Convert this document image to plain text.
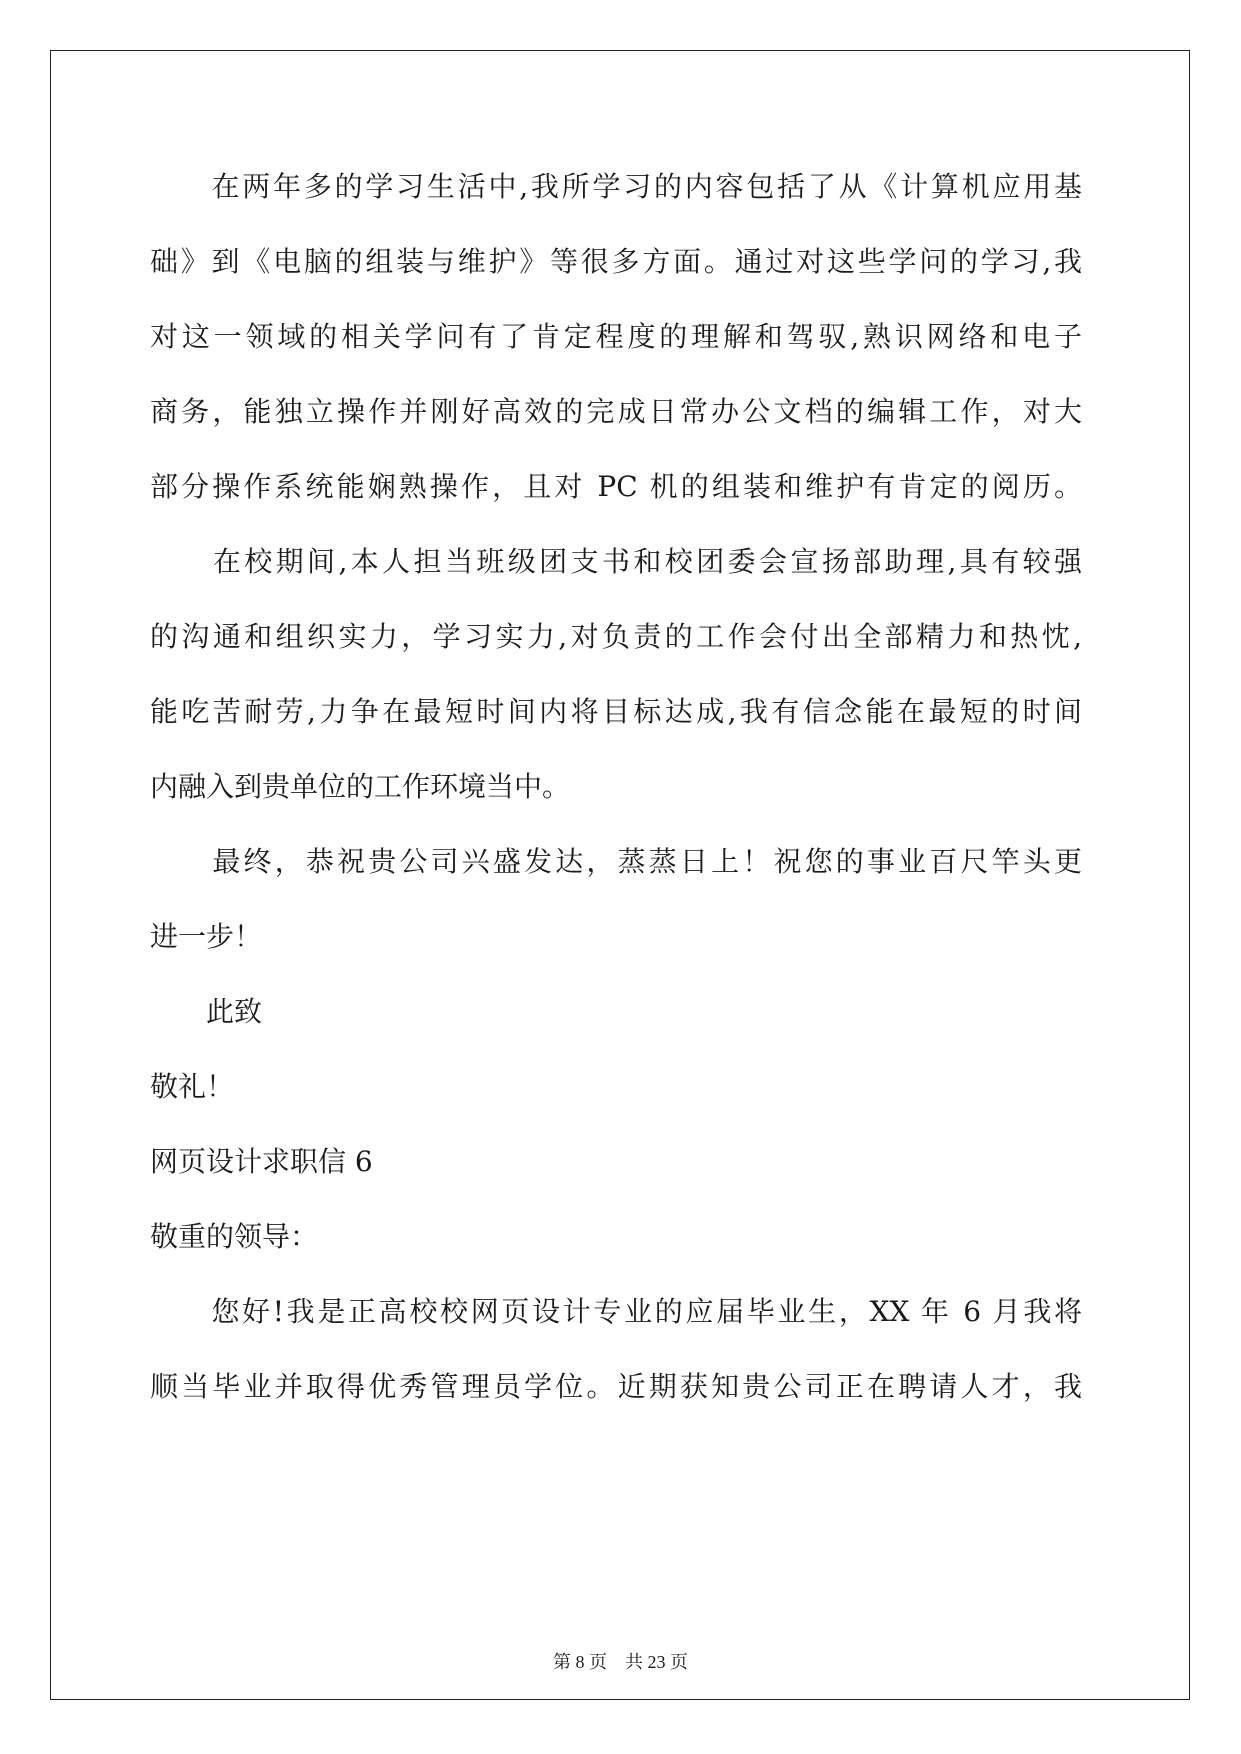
　　在两年多的学习生活中,我所学习的内容包括了从《计算机应用基
础》到《电脑的组装与维护》等很多方面。通过对这些学问的学习,我
对这一领域的相关学问有了肯定程度的理解和驾驭,熟识网络和电子
商务，能独立操作并刚好高效的完成日常办公文档的编辑工作，对大
部分操作系统能娴熟操作，且对 PC 机的组装和维护有肯定的阅历。
　　在校期间,本人担当班级团支书和校团委会宣扬部助理,具有较强
的沟通和组织实力，学习实力,对负责的工作会付出全部精力和热忱,
能吃苦耐劳,力争在最短时间内将目标达成,我有信念能在最短的时间
内融入到贵单位的工作环境当中。
　　最终，恭祝贵公司兴盛发达，蒸蒸日上！祝您的事业百尺竿头更
进一步！
　　此致
敬礼！
网页设计求职信 6
敬重的领导：
　　您好!我是正高校校网页设计专业的应届毕业生，XX 年 6 月我将
顺当毕业并取得优秀管理员学位。近期获知贵公司正在聘请人才，我
第 8 页 共 23 页
